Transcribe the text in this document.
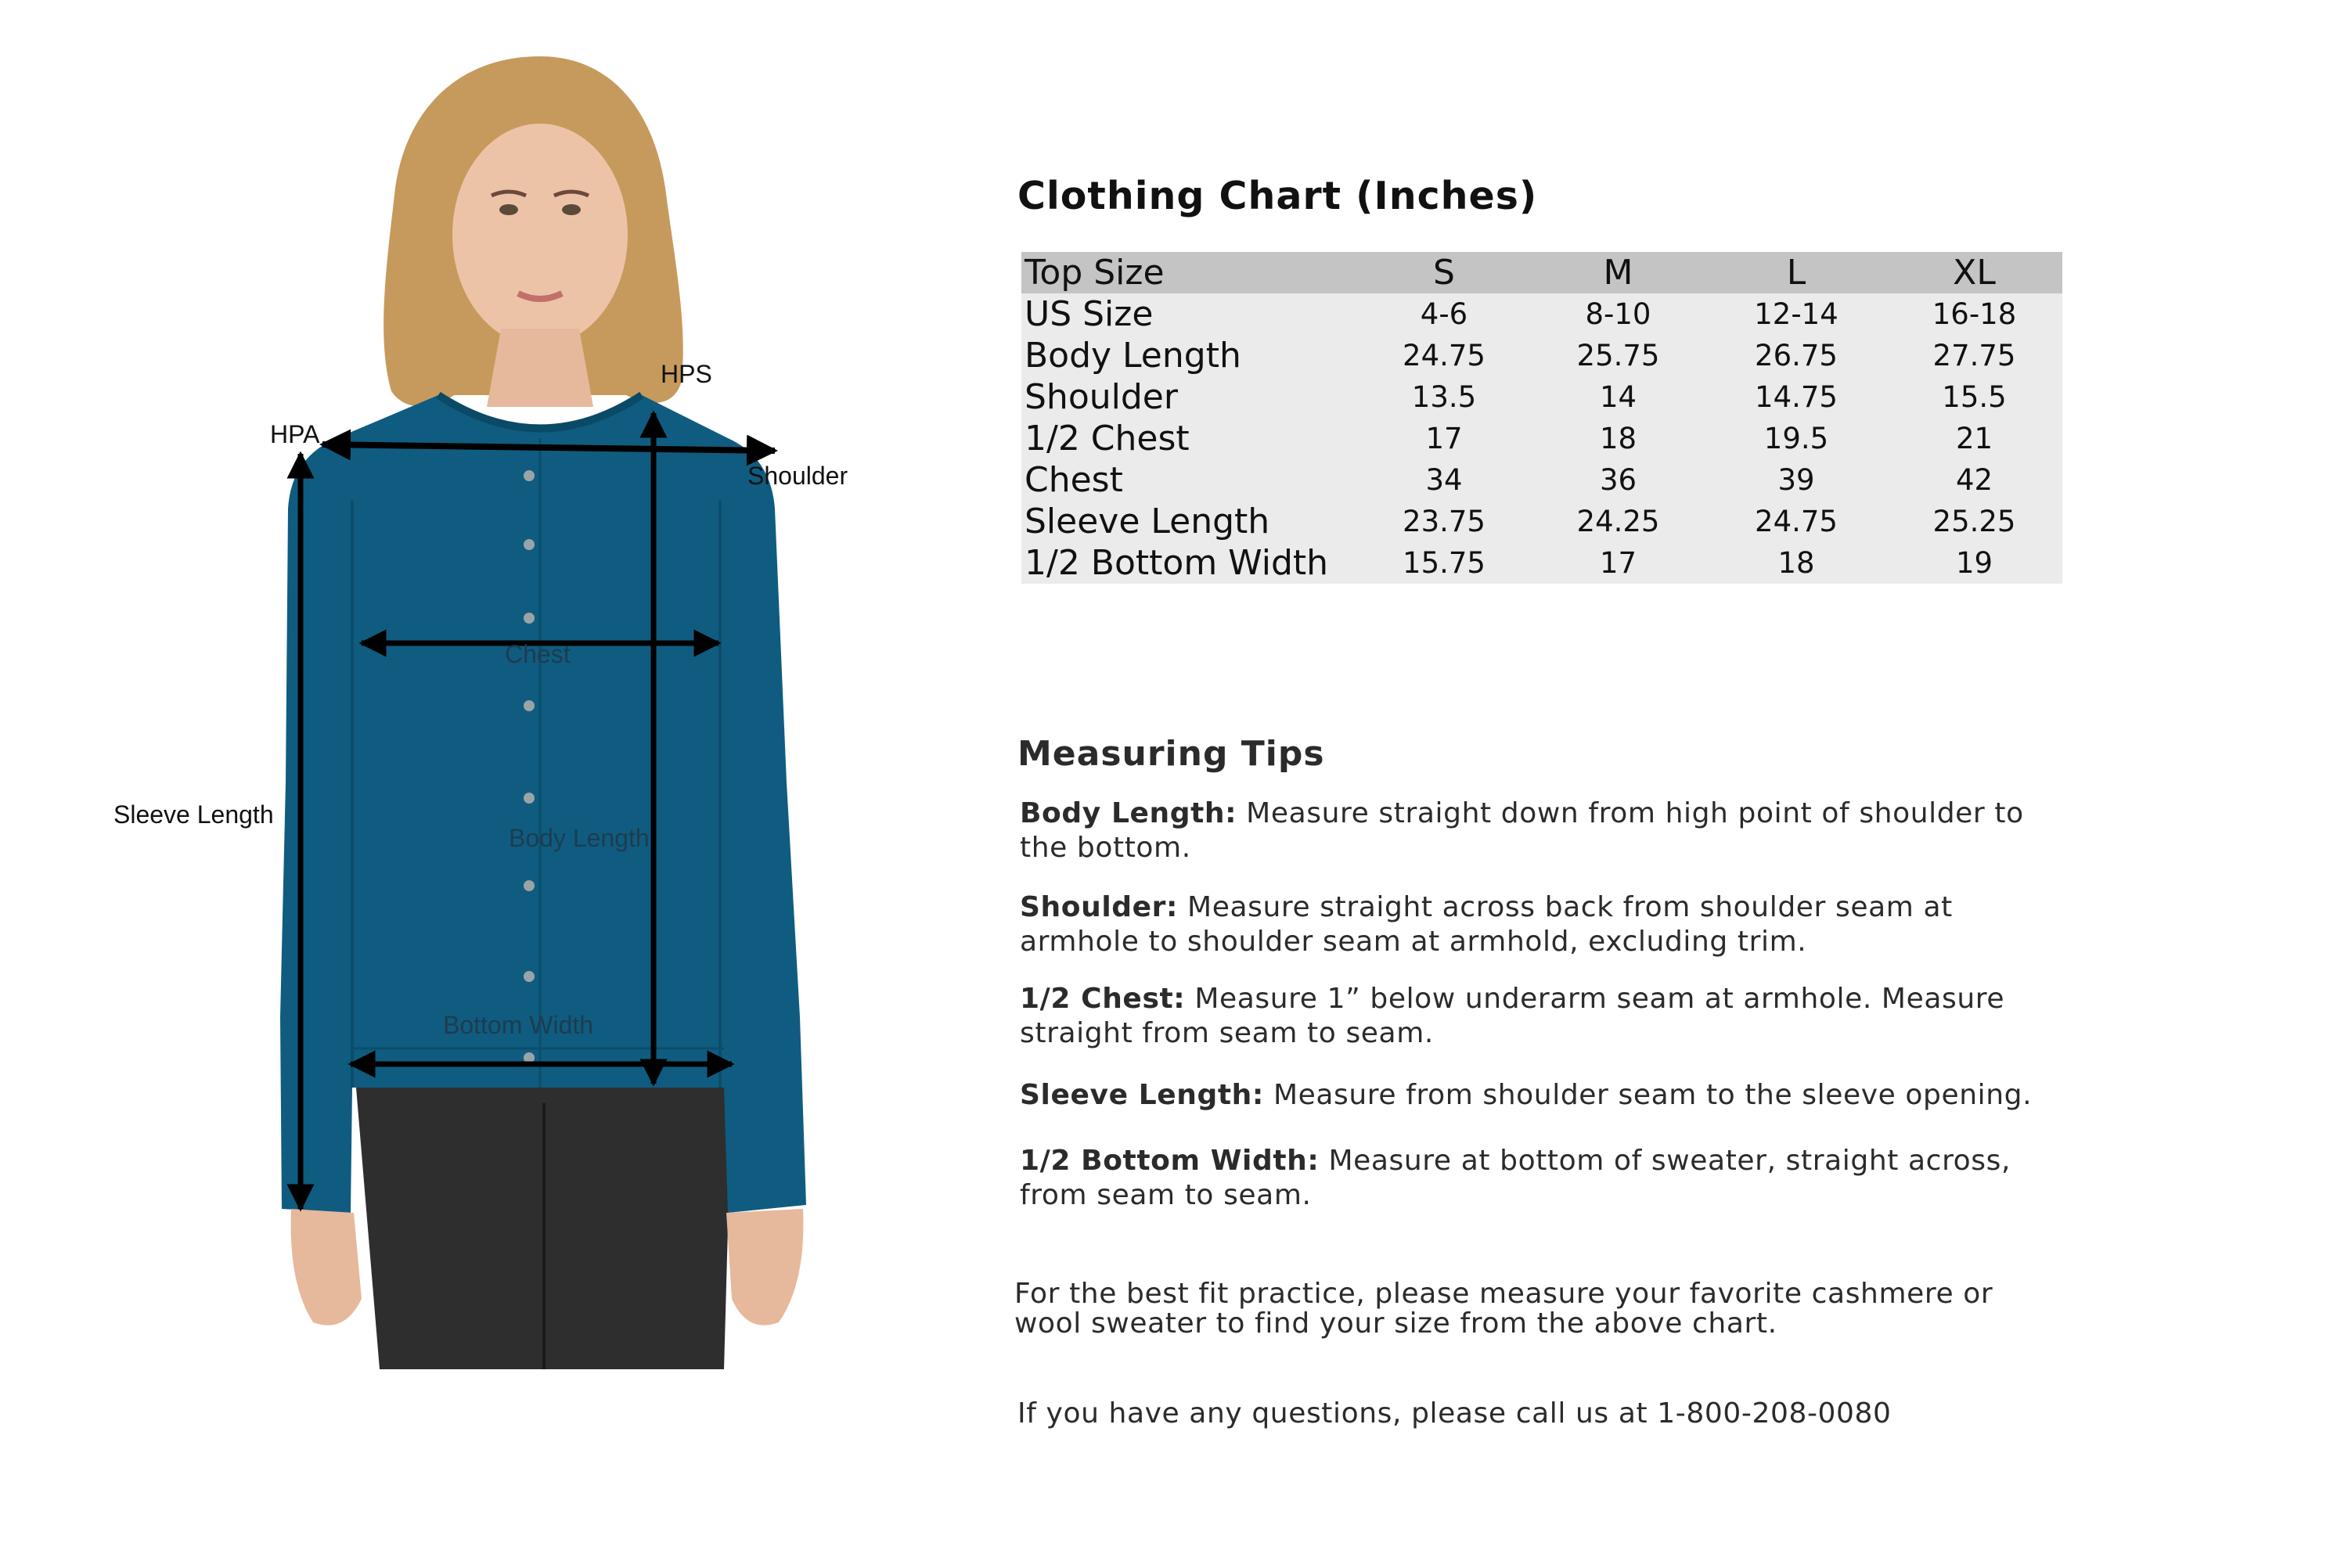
HPS
HPA
Shoulder
Chest
Sleeve Length
Body Length
Bottom Width
Clothing Chart (Inches)
Top Size	S	M	L	XL
US Size	4-6	8-10	12-14	16-18
Body Length	24.75	25.75	26.75	27.75
Shoulder	13.5	14	14.75	15.5
1/2 Chest	17	18	19.5	21
Chest	34	36	39	42
Sleeve Length	23.75	24.25	24.75	25.25
1/2 Bottom Width	15.75	17	18	19
Measuring Tips
Body Length: Measure straight down from high point of shoulder to the bottom.
Shoulder: Measure straight across back from shoulder seam at armhole to shoulder seam at armhold, excluding trim.
1/2 Chest: Measure 1” below underarm seam at armhole. Measure straight from seam to seam.
Sleeve Length: Measure from shoulder seam to the sleeve opening.
1/2 Bottom Width: Measure at bottom of sweater, straight across, from seam to seam.
For the best fit practice, please measure your favorite cashmere or wool sweater to find your size from the above chart.
If you have any questions, please call us at 1-800-208-0080
